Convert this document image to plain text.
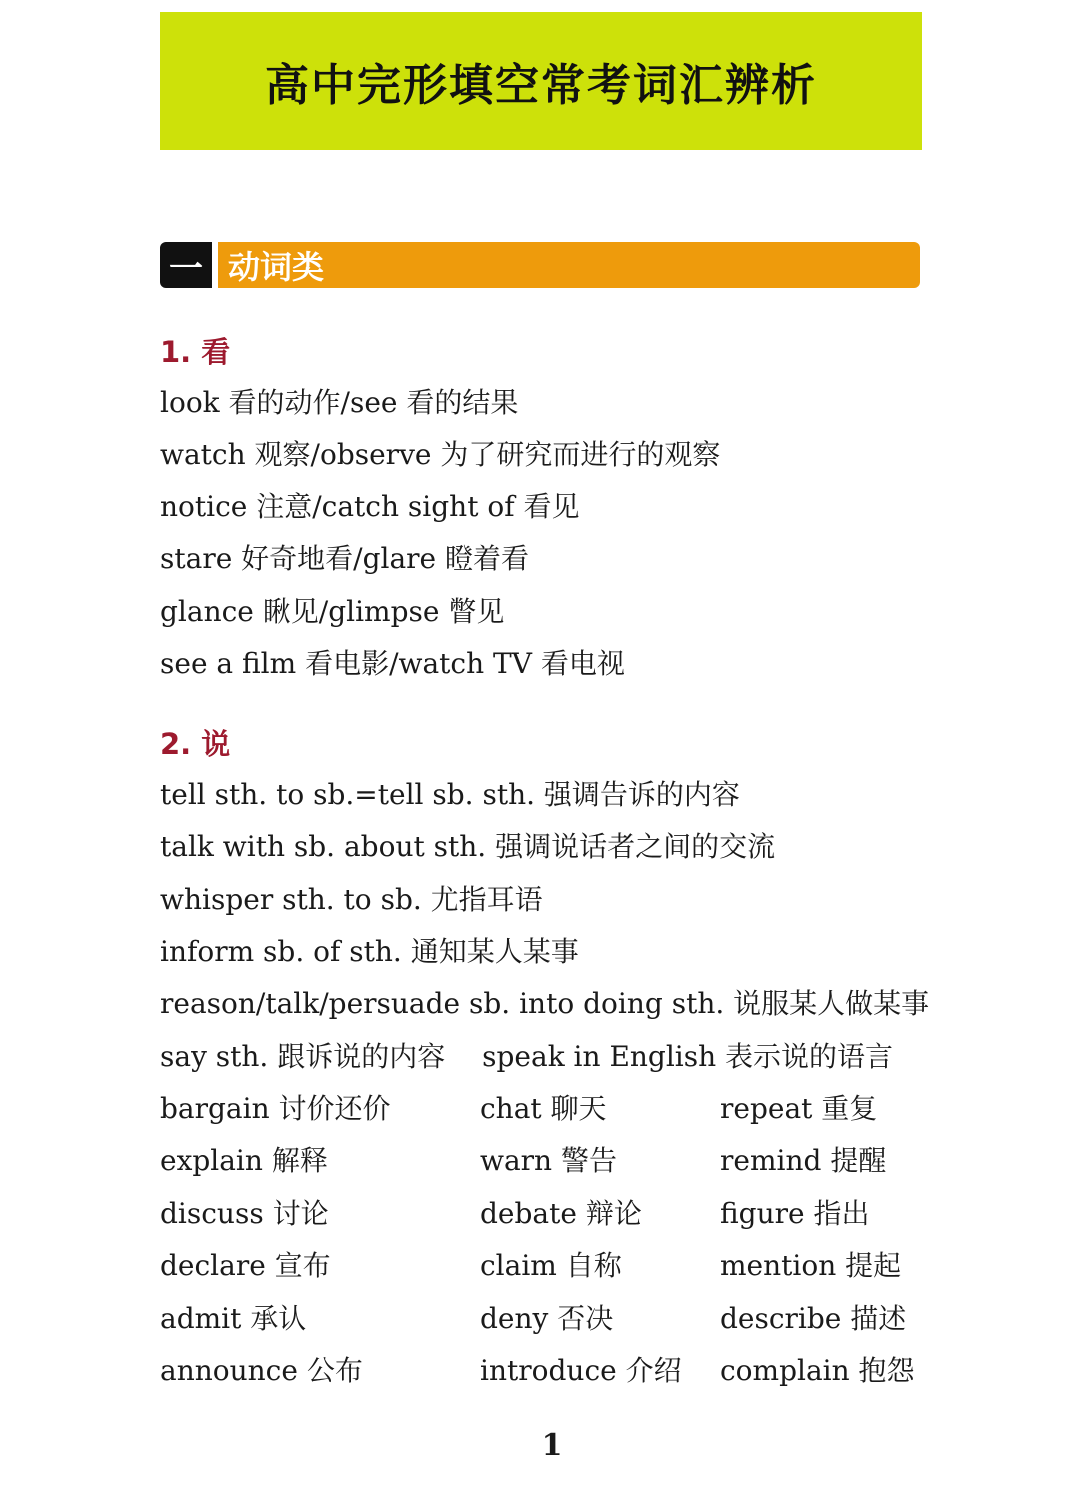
高中完形填空常考词汇辨析
一 动词类
1. 看
look 看的动作/see 看的结果
watch 观察/observe 为了研究而进行的观察
notice 注意/catch sight of 看见
stare 好奇地看/glare 瞪着看
glance 瞅见/glimpse 瞥见
see a film 看电影/watch TV 看电视
2. 说
tell sth. to sb.=tell sb. sth. 强调告诉的内容
talk with sb. about sth. 强调说话者之间的交流
whisper sth. to sb. 尤指耳语
inform sb. of sth. 通知某人某事
reason/talk/persuade sb. into doing sth. 说服某人做某事
say sth. 跟诉说的内容　 speak in English 表示说的语言
bargain 讨价还价	chat 聊天	repeat 重复
explain 解释	warn 警告	remind 提醒
discuss 讨论	debate 辩论	figure 指出
declare 宣布	claim 自称	mention 提起
admit 承认	deny 否决	describe 描述
announce 公布	introduce 介绍 complain 抱怨
1
